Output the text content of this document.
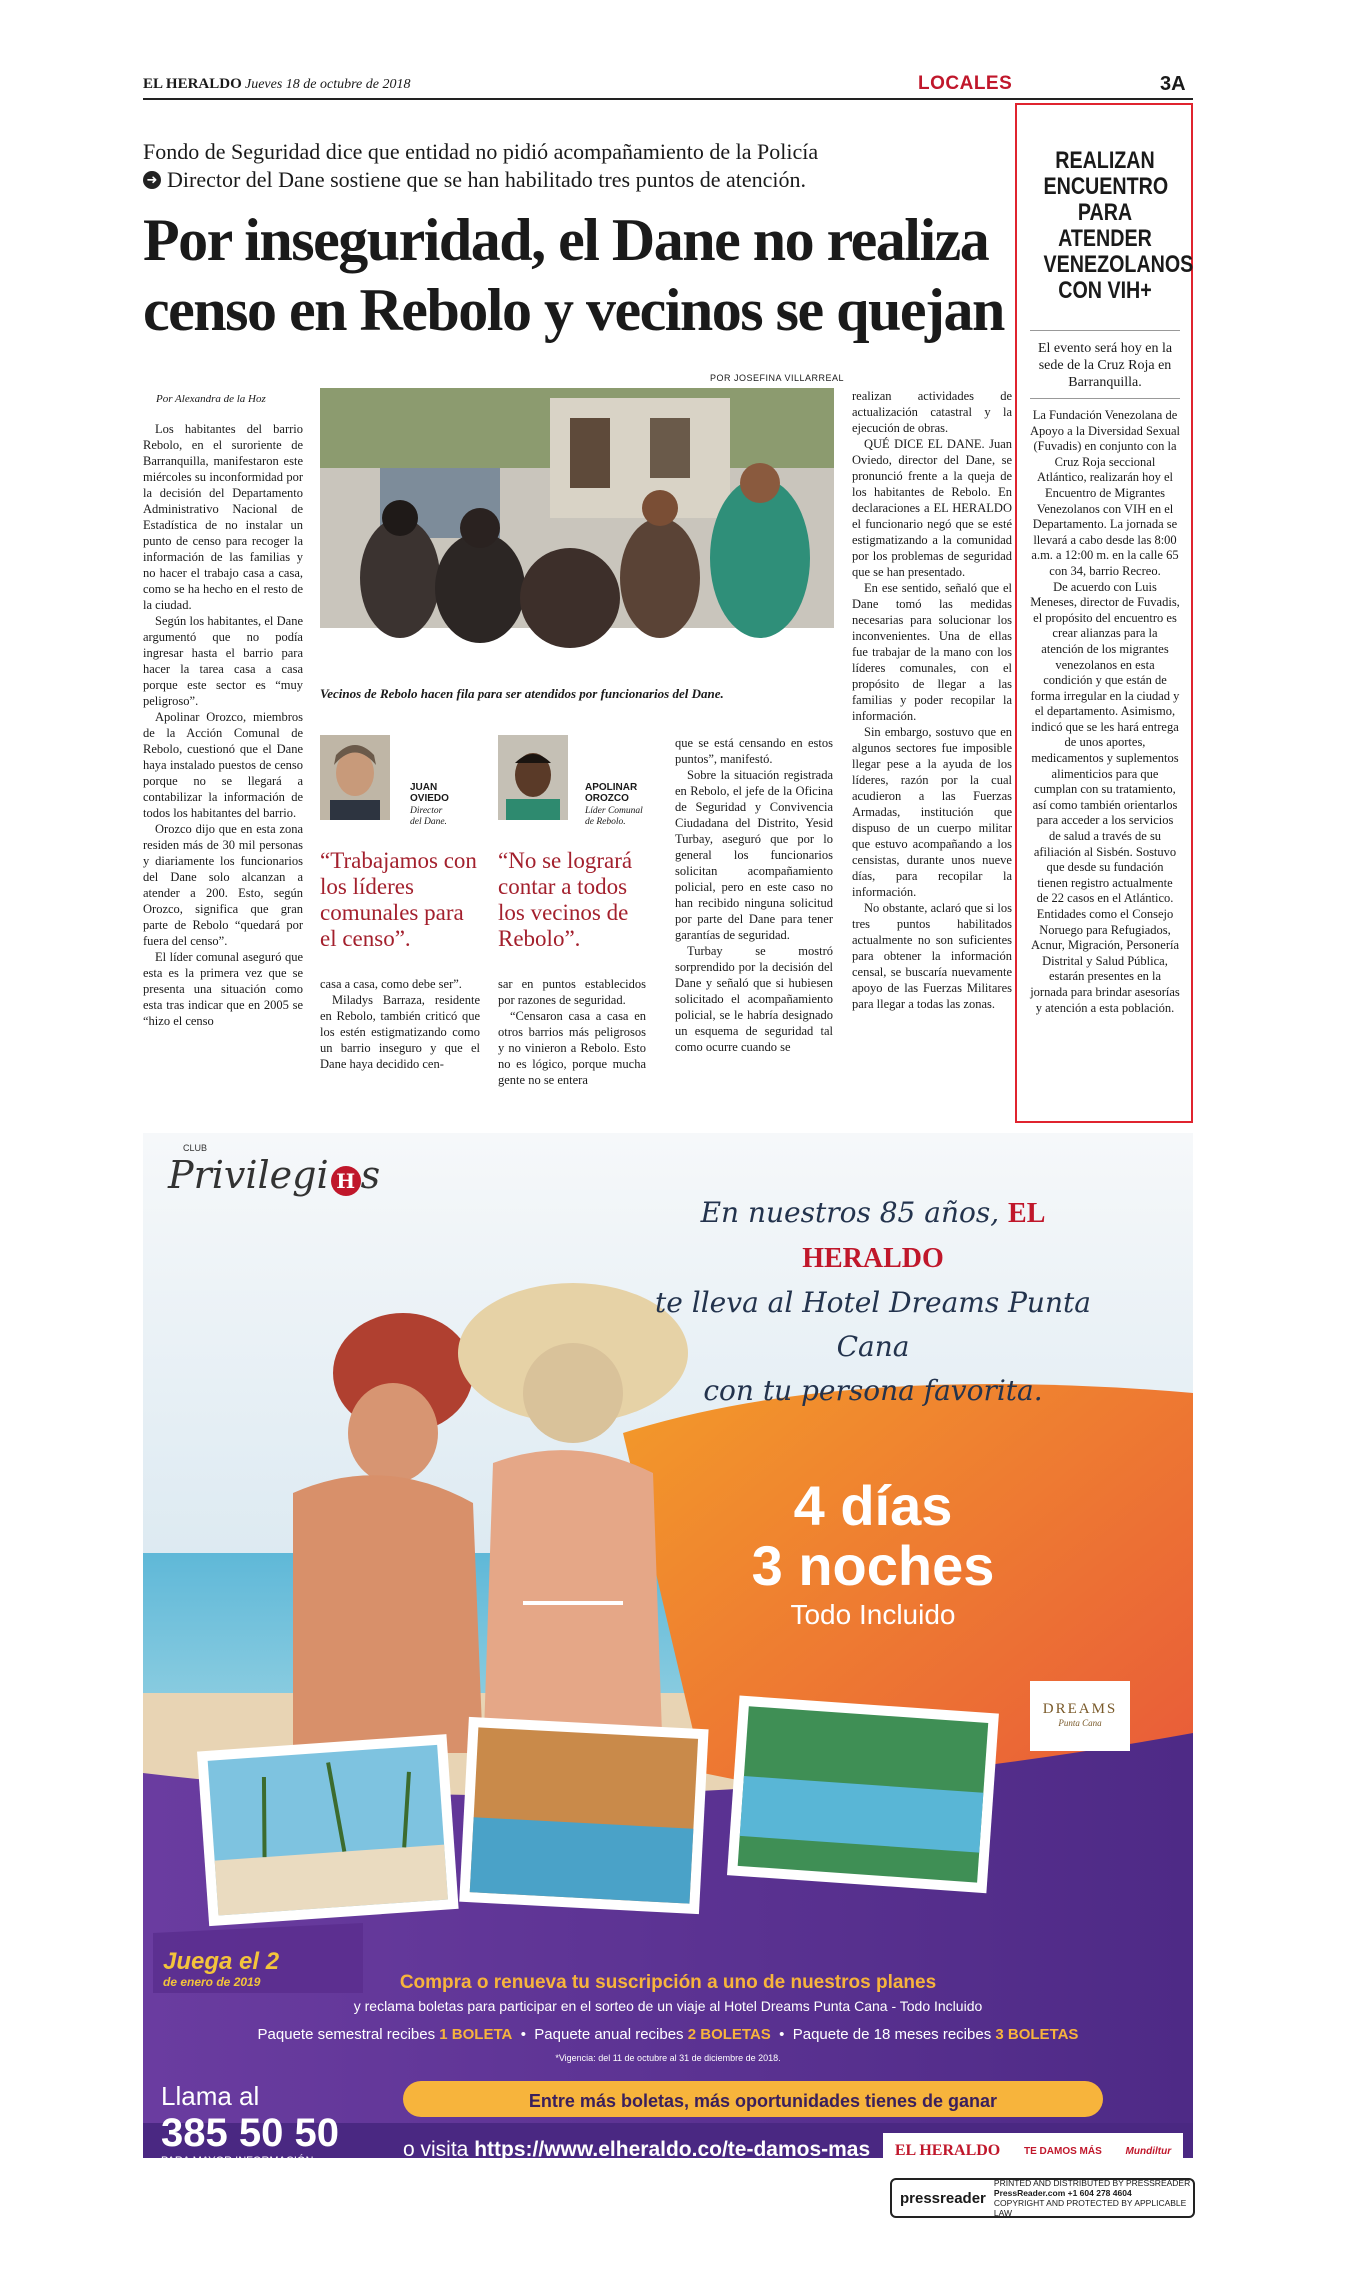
EL HERALDO Jueves 18 de octubre de 2018	LOCALES	3A
Fondo de Seguridad dice que entidad no pidió acompañamiento de la Policía
➜ Director del Dane sostiene que se han habilitado tres puntos de atención.
Por inseguridad, el Dane no realiza censo en Rebolo y vecinos se quejan
Por Alexandra de la Hoz
POR JOSEFINA VILLARREAL
Vecinos de Rebolo hacen fila para ser atendidos por funcionarios del Dane.

Los habitantes del barrio Rebolo, en el suroriente de Barranquilla, manifestaron este miércoles su inconformidad por la decisión del Departamento Administrativo Nacional de Estadística de no instalar un punto de censo para recoger la información de las familias y no hacer el trabajo casa a casa, como se ha hecho en el resto de la ciudad.

Según los habitantes, el Dane argumentó que no podía ingresar hasta el barrio para hacer la tarea casa a casa porque este sector es “muy peligroso”.

Apolinar Orozco, miembros de la Acción Comunal de Rebolo, cuestionó que el Dane haya instalado puestos de censo porque no se llegará a contabilizar la información de todos los habitantes del barrio.

Orozco dijo que en esta zona residen más de 30 mil personas y diariamente los funcionarios del Dane solo alcanzan a atender a 200. Esto, según Orozco, significa que gran parte de Rebolo “quedará por fuera del censo”.

El líder comunal aseguró que esta es la primera vez que se presenta una situación como esta tras indicar que en 2005 se “hizo el censo

JUAN
OVIEDO
Director
del Dane.
“Trabajamos con los líderes comunales para el censo”.
APOLINAR
OROZCO
Líder Comunal
de Rebolo.
“No se logrará contar a todos los vecinos de Rebolo”.

casa a casa, como debe ser”.

Miladys Barraza, residente en Rebolo, también criticó que los estén estigmatizando como un barrio inseguro y que el Dane haya decidido cen-

sar en puntos establecidos por razones de seguridad.

“Censaron casa a casa en otros barrios más peligrosos y no vinieron a Rebolo. Esto no es lógico, porque mucha gente no se entera

que se está censando en estos puntos”, manifestó.

Sobre la situación registrada en Rebolo, el jefe de la Oficina de Seguridad y Convivencia Ciudadana del Distrito, Yesid Turbay, aseguró que por lo general los funcionarios solicitan acompañamiento policial, pero en este caso no han recibido ninguna solicitud por parte del Dane para tener garantías de seguridad.

Turbay se mostró sorprendido por la decisión del Dane y señaló que si hubiesen solicitado el acompañamiento policial, se le habría designado un esquema de seguridad tal como ocurre cuando se

realizan actividades de actualización catastral y la ejecución de obras.

QUÉ DICE EL DANE. Juan Oviedo, director del Dane, se pronunció frente a la queja de los habitantes de Rebolo. En declaraciones a EL HERALDO el funcionario negó que se esté estigmatizando a la comunidad por los problemas de seguridad que se han presentado.

En ese sentido, señaló que el Dane tomó las medidas necesarias para solucionar los inconvenientes. Una de ellas fue trabajar de la mano con los líderes comunales, con el propósito de llegar a las familias y poder recopilar la información.

Sin embargo, sostuvo que en algunos sectores fue imposible llegar pese a la ayuda de los líderes, razón por la cual acudieron a las Fuerzas Armadas, institución que dispuso de un cuerpo militar que estuvo acompañando a los censistas, durante unos nueve días, para recopilar la información.

No obstante, aclaró que si los tres puntos habilitados actualmente no son suficientes para obtener la información censal, se buscaría nuevamente apoyo de las Fuerzas Militares para llegar a todas las zonas.

REALIZAN ENCUENTRO PARA ATENDER VENEZOLANOS CON VIH+
El evento será hoy en la sede de la Cruz Roja en Barranquilla.

La Fundación Venezolana de Apoyo a la Diversidad Sexual (Fuvadis) en conjunto con la Cruz Roja seccional Atlántico, realizarán hoy el Encuentro de Migrantes Venezolanos con VIH en el Departamento. La jornada se llevará a cabo desde las 8:00 a.m. a 12:00 m. en la calle 65 con 34, barrio Recreo.

De acuerdo con Luis Meneses, director de Fuvadis, el propósito del encuentro es crear alianzas para la atención de los migrantes venezolanos en esta condición y que están de forma irregular en la ciudad y el departamento. Asimismo, indicó que se les hará entrega de unos aportes, medicamentos y suplementos alimenticios para que cumplan con su tratamiento, así como también orientarlos para acceder a los servicios de salud a través de su afiliación al Sisbén. Sostuvo que desde su fundación tienen registro actualmente de 22 casos en el Atlántico.

Entidades como el Consejo Noruego para Refugiados, Acnur, Migración, Personería Distrital y Salud Pública, estarán presentes en la jornada para brindar asesorías y atención a esta población.

CLUB
Privilegi H s
En nuestros 85 años, EL HERALDO
te lleva al Hotel Dreams Punta Cana
con tu persona favorita.
4 días
3 noches
Todo Incluido
DREAMS
Punta Cana
Juega el 2
de enero de 2019	Compra o renueva tu suscripción a uno de nuestros planes
y reclama boletas para participar en el sorteo de un viaje al Hotel Dreams Punta Cana - Todo Incluido
Paquete semestral recibes 1 BOLETA  •  Paquete anual recibes 2 BOLETAS  •  Paquete de 18 meses recibes 3 BOLETAS
*Vigencia: del 11 de octubre al 31 de diciembre de 2018.
Llama al
385 50 50
PARA MAYOR INFORMACIÓN
Entre más boletas, más oportunidades tienes de ganar
o visita https://www.elheraldo.co/te-damos-mas EL HERALDO TE DAMOS MÁS Mundiltur
pressreader
PRINTED AND DISTRIBUTED BY PRESSREADER
PressReader.com +1 604 278 4604
COPYRIGHT AND PROTECTED BY APPLICABLE LAW
